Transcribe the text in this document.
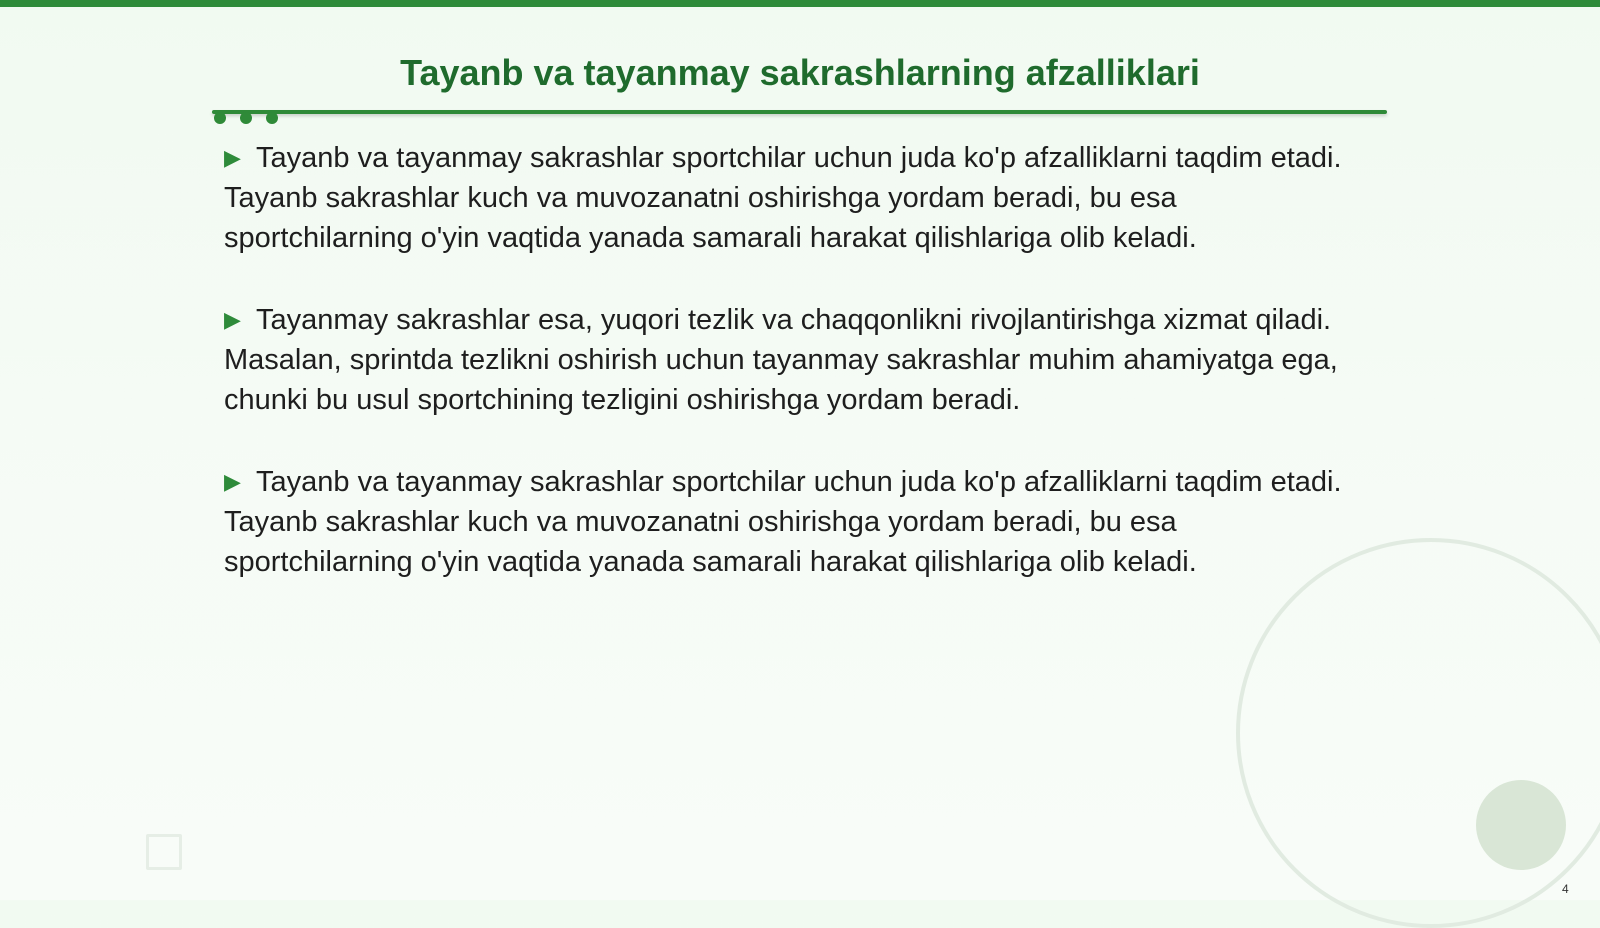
Tayanb va tayanmay sakrashlarning afzalliklari

▶ Tayanb va tayanmay sakrashlar sportchilar uchun juda ko'p afzalliklarni taqdim etadi. Tayanb sakrashlar kuch va muvozanatni oshirishga yordam beradi, bu esa sportchilarning o'yin vaqtida yanada samarali harakat qilishlariga olib keladi.

▶ Tayanmay sakrashlar esa, yuqori tezlik va chaqqonlikni rivojlantirishga xizmat qiladi. Masalan, sprintda tezlikni oshirish uchun tayanmay sakrashlar muhim ahamiyatga ega, chunki bu usul sportchining tezligini oshirishga yordam beradi.

▶ Tayanb va tayanmay sakrashlar sportchilar uchun juda ko'p afzalliklarni taqdim etadi. Tayanb sakrashlar kuch va muvozanatni oshirishga yordam beradi, bu esa sportchilarning o'yin vaqtida yanada samarali harakat qilishlariga olib keladi.

4
